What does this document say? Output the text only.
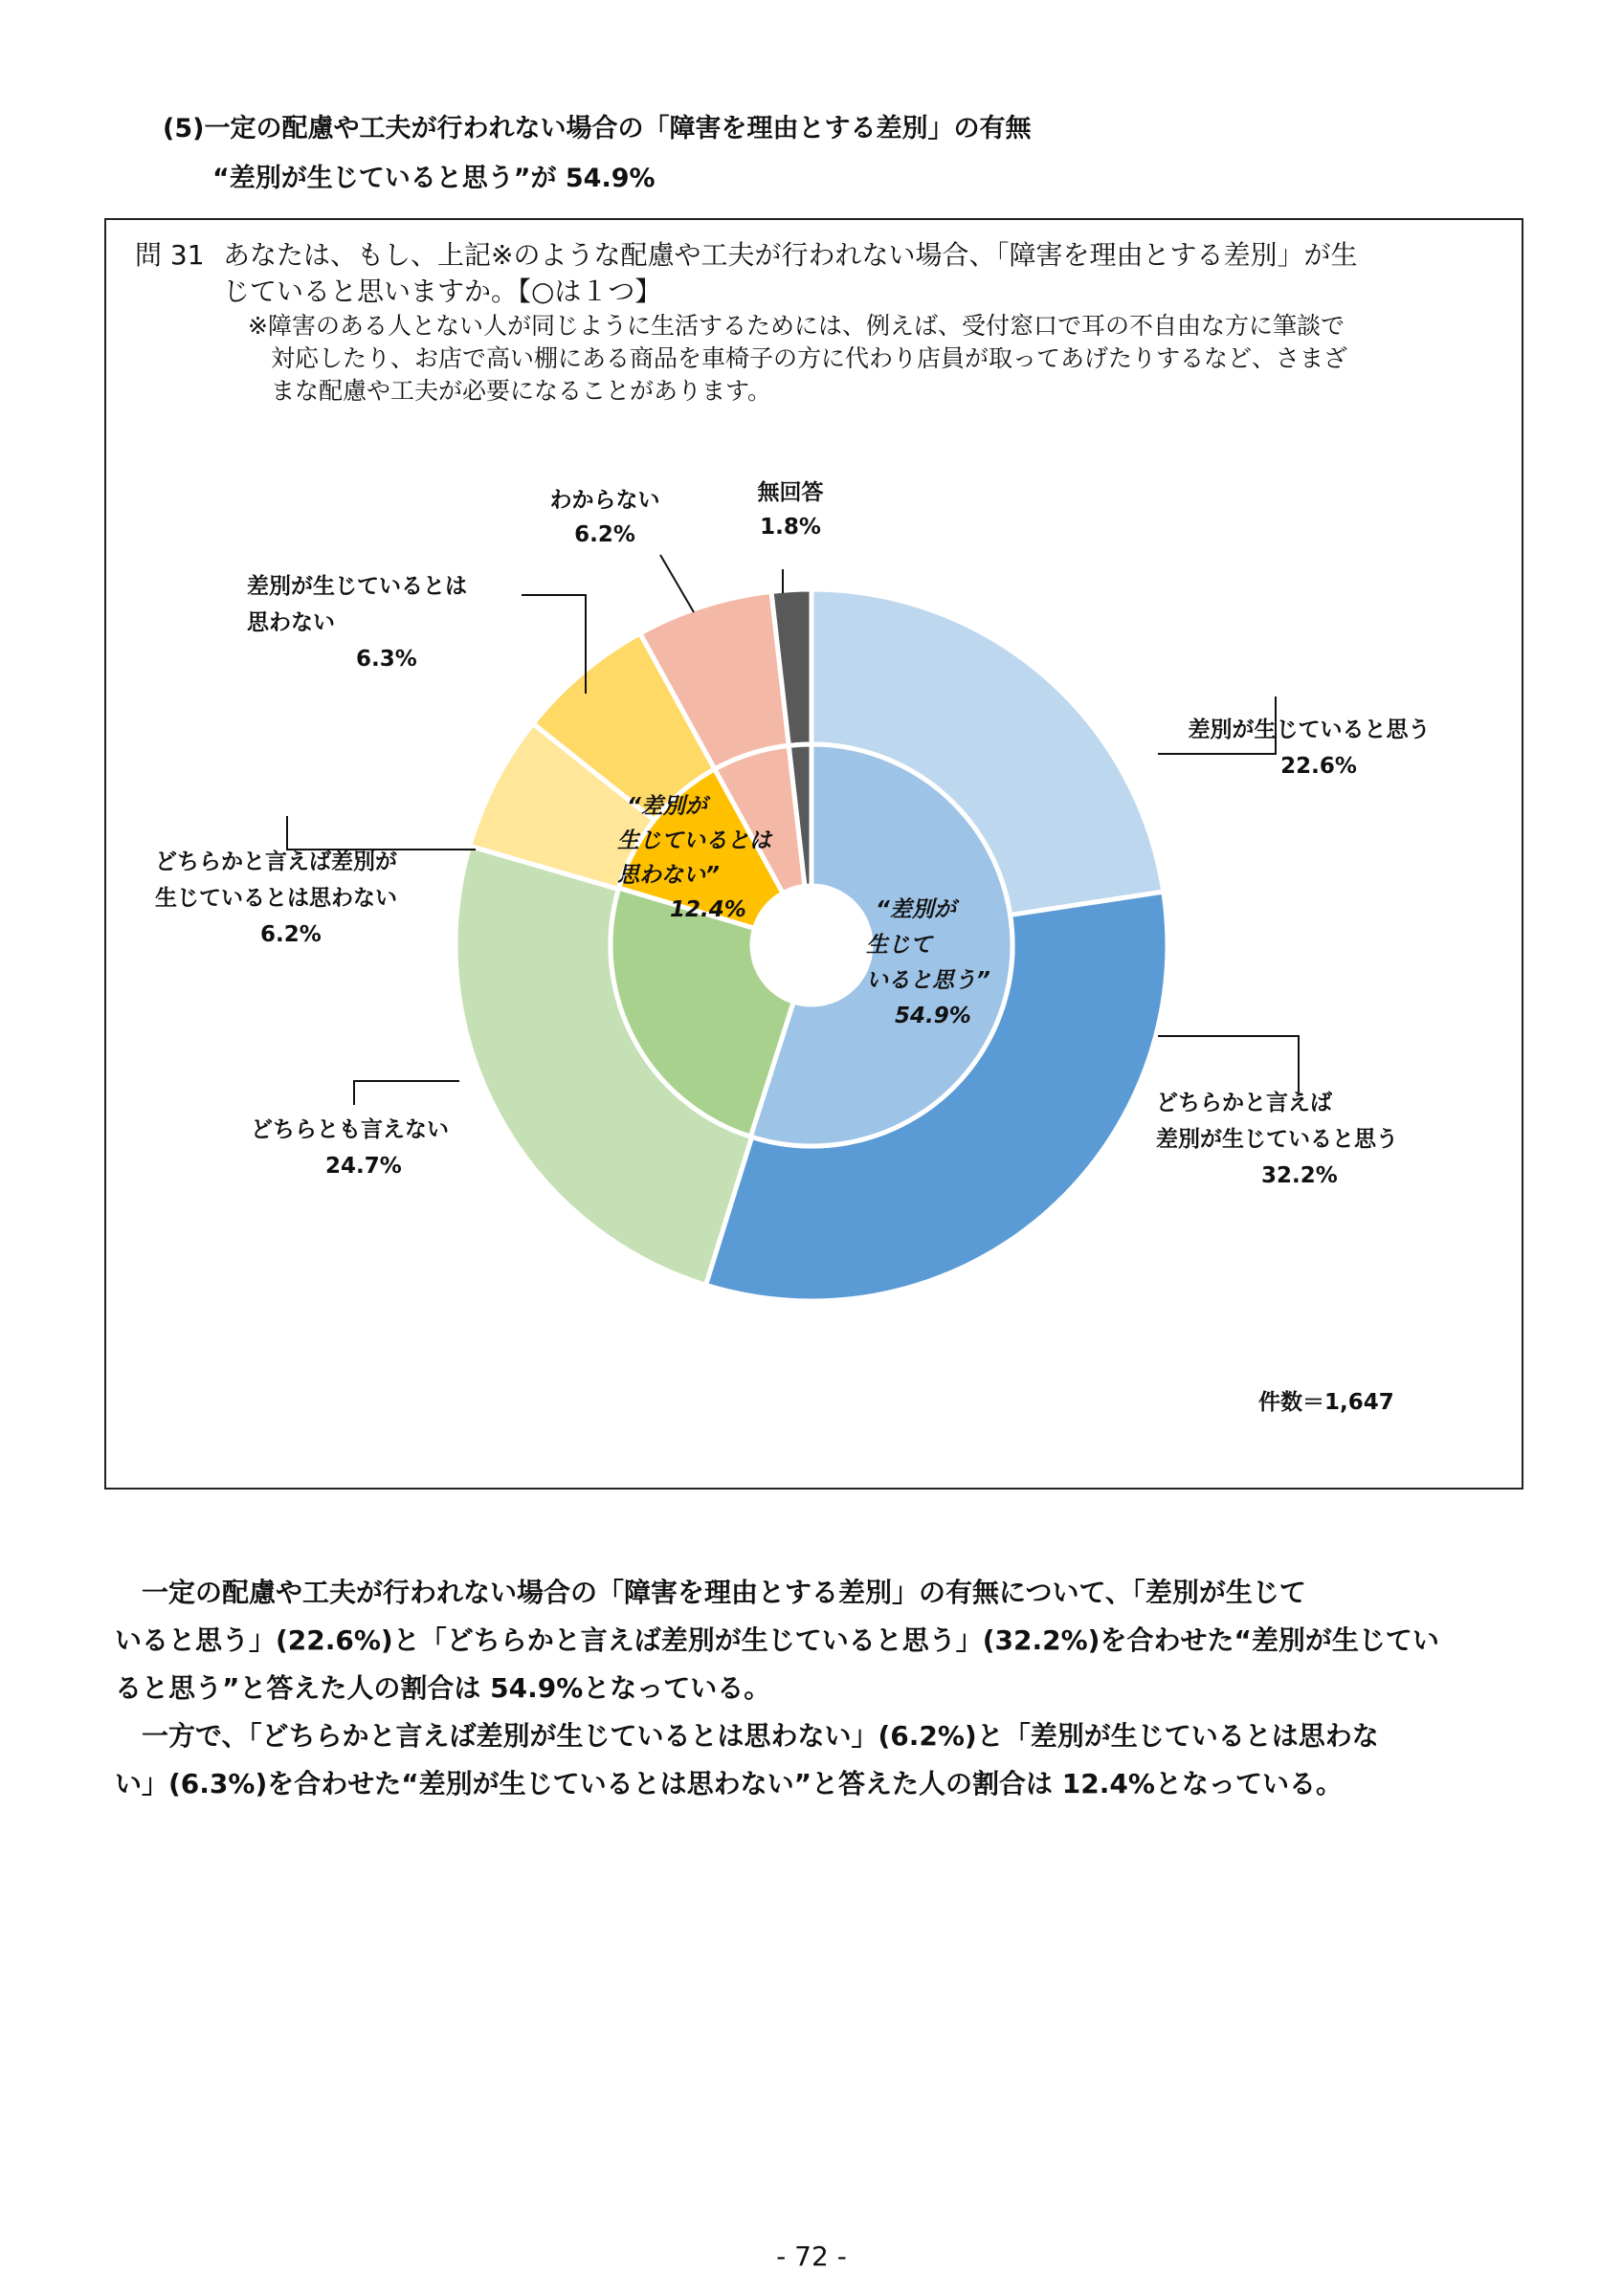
(5)一定の配慮や工夫が行われない場合の「障害を理由とする差別」の有無
“差別が生じていると思う”が 54.9%
問 31 あなたは、もし、上記※のような配慮や工夫が行われない場合、「障害を理由とする差別」が生
じていると思いますか。【○は１つ】
※障害のある人とない人が同じように生活するためには、例えば、受付窓口で耳の不自由な方に筆談で
対応したり、お店で高い棚にある商品を車椅子の方に代わり店員が取ってあげたりするなど、さまざ
まな配慮や工夫が必要になることがあります。
差別が生じていると思う
22.6%
どちらかと言えば
差別が生じていると思う
32.2%
どちらとも言えない
24.7%
どちらかと言えば差別が
生じているとは思わない
6.2%
差別が生じているとは
思わない
6.3%
わからない
6.2%
無回答
1.8%
“差別が
生じて
いると思う”
54.9%
“差別が
生じているとは
思わない”
12.4%
件数＝1,647
一定の配慮や工夫が行われない場合の「障害を理由とする差別」の有無について、「差別が生じて
いると思う」(22.6%)と「どちらかと言えば差別が生じていると思う」(32.2%)を合わせた“差別が生じてい
ると思う”と答えた人の割合は 54.9%となっている。
一方で、「どちらかと言えば差別が生じているとは思わない」(6.2%)と「差別が生じているとは思わな
い」(6.3%)を合わせた“差別が生じているとは思わない”と答えた人の割合は 12.4%となっている。
- 72 -
